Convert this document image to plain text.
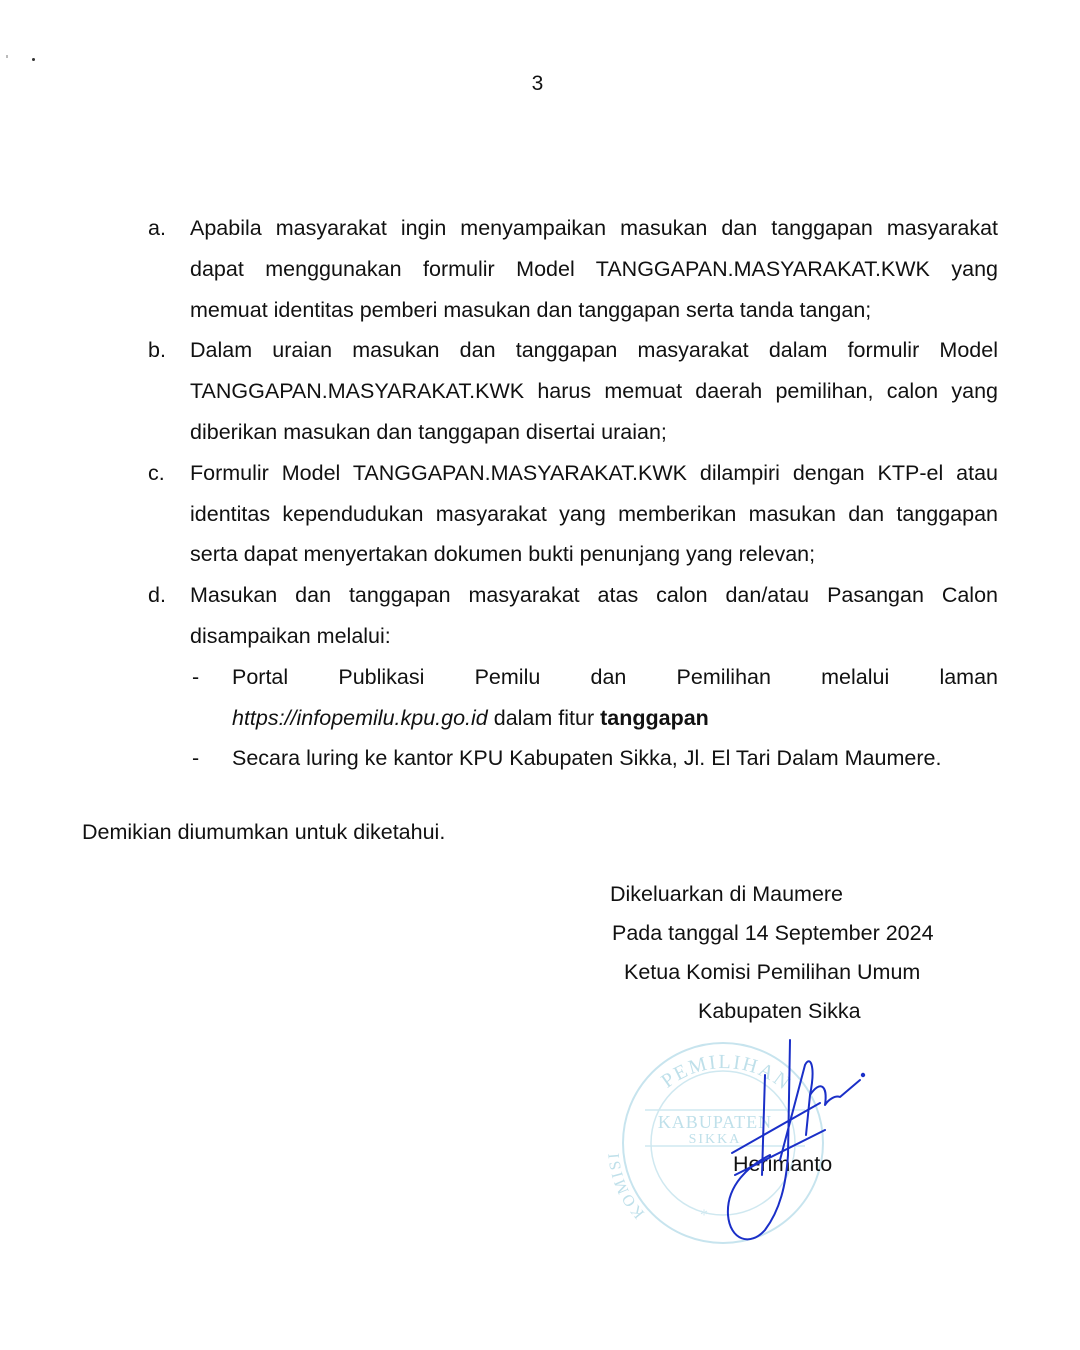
3
a. Apabila masyarakat ingin menyampaikan masukan dan tanggapan masyarakat dapat menggunakan formulir Model TANGGAPAN.MASYARAKAT.KWK yang memuat identitas pemberi masukan dan tanggapan serta tanda tangan;
b. Dalam uraian masukan dan tanggapan masyarakat dalam formulir Model TANGGAPAN.MASYARAKAT.KWK harus memuat daerah pemilihan, calon yang diberikan masukan dan tanggapan disertai uraian;
c. Formulir Model TANGGAPAN.MASYARAKAT.KWK dilampiri dengan KTP-el atau identitas kependudukan masyarakat yang memberikan masukan dan tanggapan serta dapat menyertakan dokumen bukti penunjang yang relevan;
d. Masukan dan tanggapan masyarakat atas calon dan/atau Pasangan Calon disampaikan melalui:
- Portal Publikasi Pemilu dan Pemilihan melalui laman
https://infopemilu.kpu.go.id dalam fitur tanggapan
- Secara luring ke kantor KPU Kabupaten Sikka, Jl. El Tari Dalam Maumere.
Demikian diumumkan untuk diketahui.
Dikeluarkan di Maumere
Pada tanggal 14 September 2024
Ketua Komisi Pemilihan Umum
Kabupaten Sikka
PEMILIHAN
KOMISI
KABUPATEN
SIKKA
*
Herimanto
